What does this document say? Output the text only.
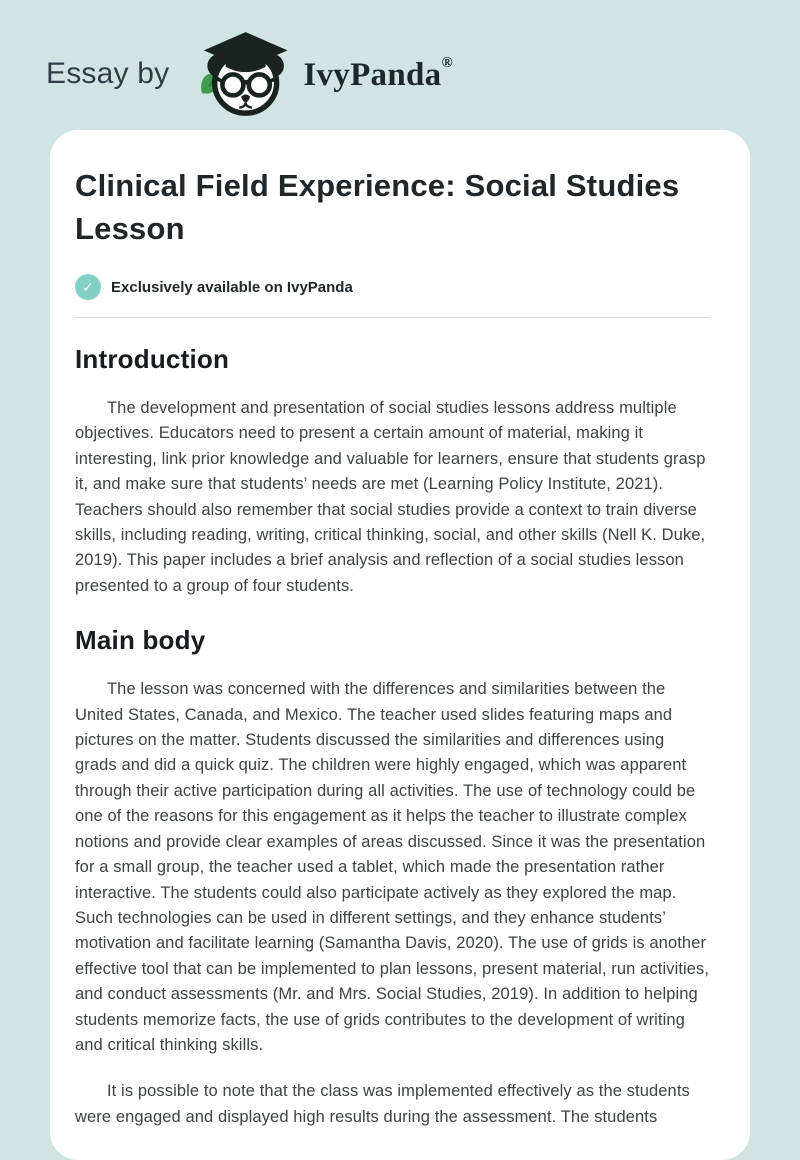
Essay by	IvyPanda®
Clinical Field Experience: Social Studies Lesson
✓	Exclusively available on IvyPanda
Introduction

The development and presentation of social studies lessons address multiple objectives. Educators need to present a certain amount of material, making it interesting, link prior knowledge and valuable for learners, ensure that students grasp it, and make sure that students’ needs are met (Learning Policy Institute, 2021). Teachers should also remember that social studies provide a context to train diverse skills, including reading, writing, critical thinking, social, and other skills (Nell K. Duke, 2019). This paper includes a brief analysis and reflection of a social studies lesson presented to a group of four students.

Main body

The lesson was concerned with the differences and similarities between the United States, Canada, and Mexico. The teacher used slides featuring maps and pictures on the matter. Students discussed the similarities and differences using grads and did a quick quiz. The children were highly engaged, which was apparent through their active participation during all activities. The use of technology could be one of the reasons for this engagement as it helps the teacher to illustrate complex notions and provide clear examples of areas discussed. Since it was the presentation for a small group, the teacher used a tablet, which made the presentation rather interactive. The students could also participate actively as they explored the map. Such technologies can be used in different settings, and they enhance students’ motivation and facilitate learning (Samantha Davis, 2020). The use of grids is another effective tool that can be implemented to plan lessons, present material, run activities, and conduct assessments (Mr. and Mrs. Social Studies, 2019). In addition to helping students memorize facts, the use of grids contributes to the development of writing and critical thinking skills.

It is possible to note that the class was implemented effectively as the students were engaged and displayed high results during the assessment. The students
